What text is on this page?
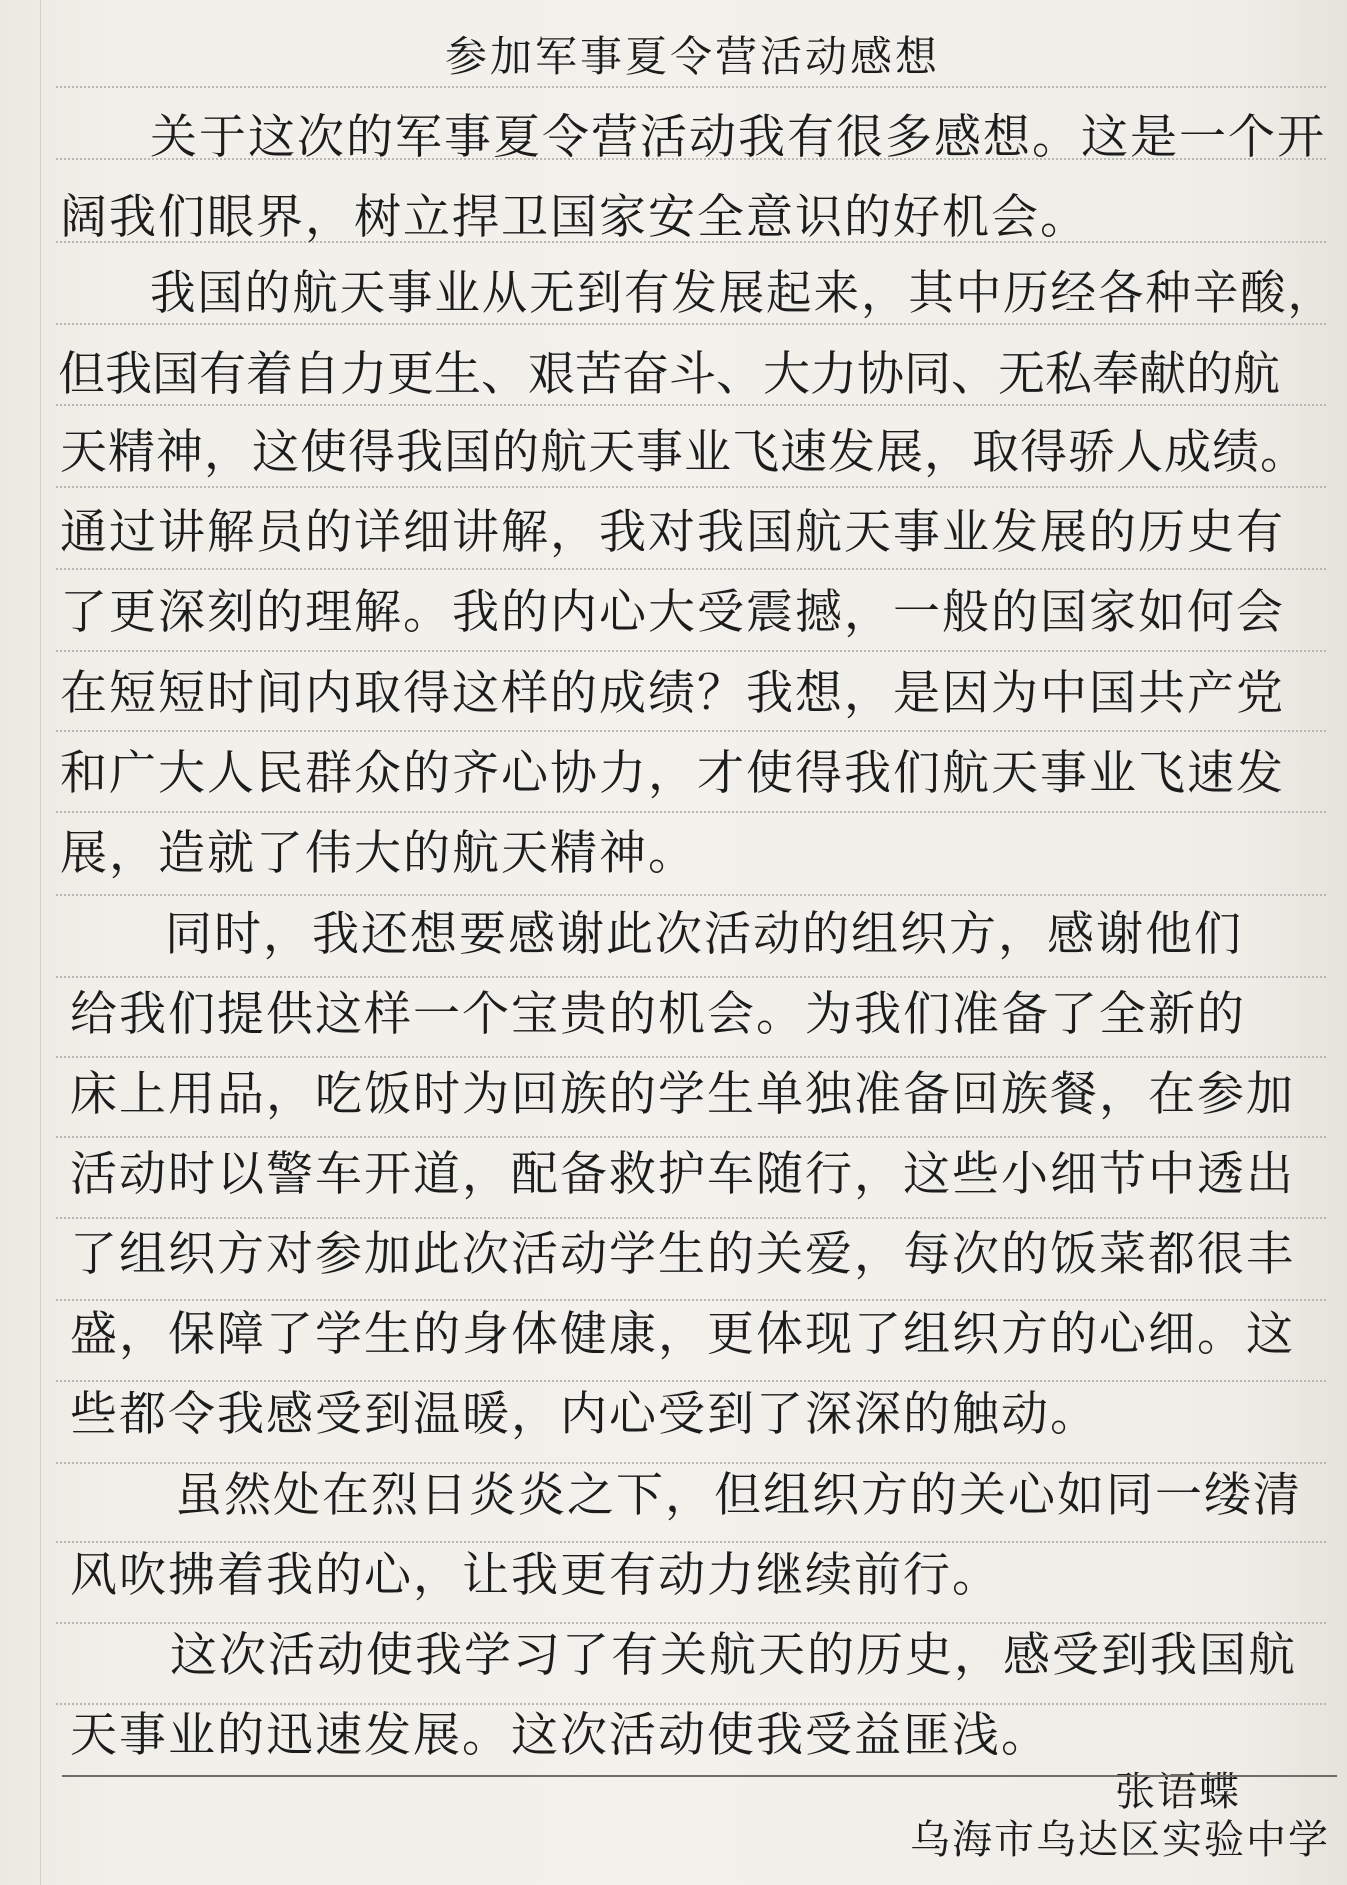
参加军事夏令营活动感想
关于这次的军事夏令营活动我有很多感想。这是一个开
阔我们眼界，树立捍卫国家安全意识的好机会。
我国的航天事业从无到有发展起来，其中历经各种辛酸，
但我国有着自力更生、艰苦奋斗、大力协同、无私奉献的航
天精神，这使得我国的航天事业飞速发展，取得骄人成绩。
通过讲解员的详细讲解，我对我国航天事业发展的历史有
了更深刻的理解。我的内心大受震撼，一般的国家如何会
在短短时间内取得这样的成绩？我想，是因为中国共产党
和广大人民群众的齐心协力，才使得我们航天事业飞速发
展，造就了伟大的航天精神。
同时，我还想要感谢此次活动的组织方，感谢他们
给我们提供这样一个宝贵的机会。为我们准备了全新的
床上用品，吃饭时为回族的学生单独准备回族餐，在参加
活动时以警车开道，配备救护车随行，这些小细节中透出
了组织方对参加此次活动学生的关爱，每次的饭菜都很丰
盛，保障了学生的身体健康，更体现了组织方的心细。这
些都令我感受到温暖，内心受到了深深的触动。
虽然处在烈日炎炎之下，但组织方的关心如同一缕清
风吹拂着我的心，让我更有动力继续前行。
这次活动使我学习了有关航天的历史，感受到我国航
天事业的迅速发展。这次活动使我受益匪浅。
张语蝶
乌海市乌达区实验中学
